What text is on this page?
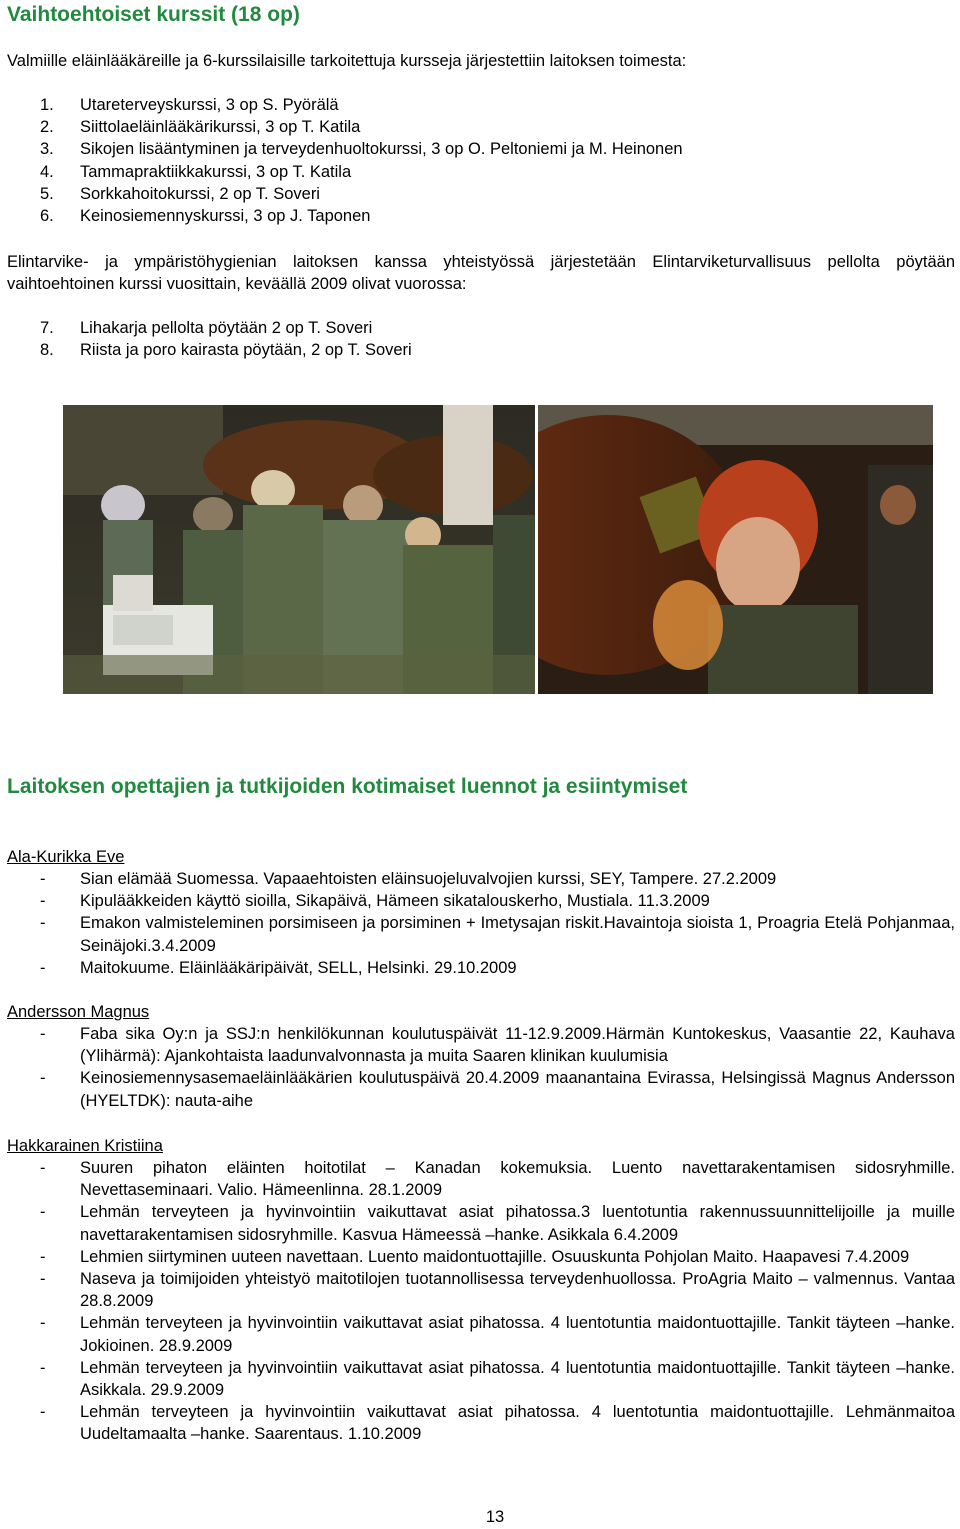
Vaihtoehtoiset kurssit (18 op)

Valmiille eläinlääkäreille ja 6-kurssilaisille tarkoitettuja kursseja järjestettiin laitoksen toimesta:

1. Utareterveyskurssi, 3 op S. Pyörälä
2. Siittolaeläinlääkärikurssi, 3 op T. Katila
3. Sikojen lisääntyminen ja terveydenhuoltokurssi, 3 op O. Peltoniemi ja M. Heinonen
4. Tammapraktiikkakurssi, 3 op T. Katila
5. Sorkkahoitokurssi, 2 op T. Soveri
6. Keinosiemennyskurssi, 3 op J. Taponen

Elintarvike- ja ympäristöhygienian laitoksen kanssa yhteistyössä järjestetään Elintarviketurvallisuus pellolta pöytään vaihtoehtoinen kurssi vuosittain, keväällä 2009 olivat vuorossa:

7. Lihakarja pellolta pöytään 2 op T. Soveri
8. Riista ja poro kairasta pöytään, 2 op T. Soveri
Laitoksen opettajien ja tutkijoiden kotimaiset luennot ja esiintymiset

Ala-Kurikka Eve

- Sian elämää Suomessa. Vapaaehtoisten eläinsuojeluvalvojien kurssi, SEY, Tampere. 27.2.2009
- Kipulääkkeiden käyttö sioilla, Sikapäivä, Hämeen sikatalouskerho, Mustiala. 11.3.2009
- Emakon valmisteleminen porsimiseen ja porsiminen + Imetysajan riskit.Havaintoja sioista 1, Proagria Etelä Pohjanmaa, Seinäjoki.3.4.2009
- Maitokuume. Eläinlääkäripäivät, SELL, Helsinki. 29.10.2009

Andersson Magnus

- Faba sika Oy:n ja SSJ:n henkilökunnan koulutuspäivät 11-12.9.2009.Härmän Kuntokeskus, Vaasantie 22, Kauhava (Ylihärmä): Ajankohtaista laadunvalvonnasta ja muita Saaren klinikan kuulumisia
- Keinosiemennysasemaeläinlääkärien koulutuspäivä 20.4.2009 maanantaina Evirassa, Helsingissä Magnus Andersson (HYELTDK): nauta-aihe

Hakkarainen Kristiina

- Suuren pihaton eläinten hoitotilat – Kanadan kokemuksia. Luento navettarakentamisen sidosryhmille. Nevettaseminaari. Valio. Hämeenlinna. 28.1.2009
- Lehmän terveyteen ja hyvinvointiin vaikuttavat asiat pihatossa.3 luentotuntia rakennussuunnittelijoille ja muille navettarakentamisen sidosryhmille. Kasvua Hämeessä –hanke. Asikkala 6.4.2009
- Lehmien siirtyminen uuteen navettaan. Luento maidontuottajille. Osuuskunta Pohjolan Maito. Haapavesi 7.4.2009
- Naseva ja toimijoiden yhteistyö maitotilojen tuotannollisessa terveydenhuollossa. ProAgria Maito – valmennus. Vantaa 28.8.2009
- Lehmän terveyteen ja hyvinvointiin vaikuttavat asiat pihatossa. 4 luentotuntia maidontuottajille. Tankit täyteen –hanke. Jokioinen. 28.9.2009
- Lehmän terveyteen ja hyvinvointiin vaikuttavat asiat pihatossa. 4 luentotuntia maidontuottajille. Tankit täyteen –hanke. Asikkala. 29.9.2009
- Lehmän terveyteen ja hyvinvointiin vaikuttavat asiat pihatossa. 4 luentotuntia maidontuottajille. Lehmänmaitoa Uudeltamaalta –hanke. Saarentaus. 1.10.2009
13
